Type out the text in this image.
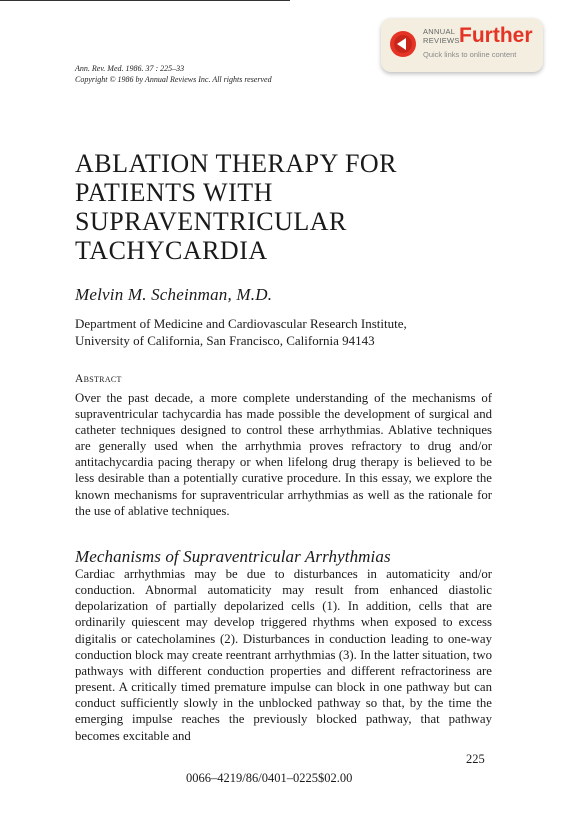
ANNUAL
REVIEWS Further
Quick links to online content
Ann. Rev. Med. 1986. 37 : 225–33
Copyright © 1986 by Annual Reviews Inc. All rights reserved
ABLATION THERAPY FOR
PATIENTS WITH
SUPRAVENTRICULAR
TACHYCARDIA
Melvin M. Scheinman, M.D.
Department of Medicine and Cardiovascular Research Institute,
University of California, San Francisco, California 94143
Abstract
Over the past decade, a more complete understanding of the mechanisms of supraventricular tachycardia has made possible the development of surgical and catheter techniques designed to control these arrhythmias. Ablative techniques are generally used when the arrhythmia proves refractory to drug and/or antitachycardia pacing therapy or when lifelong drug therapy is believed to be less desirable than a potentially curative procedure. In this essay, we explore the known mechanisms for supraventricular arrhythmias as well as the rationale for the use of ablative techniques.
Mechanisms of Supraventricular Arrhythmias
Cardiac arrhythmias may be due to disturbances in automaticity and/or conduction. Abnormal automaticity may result from enhanced diastolic depolarization of partially depolarized cells (1). In addition, cells that are ordinarily quiescent may develop triggered rhythms when exposed to excess digitalis or catecholamines (2). Disturbances in conduction leading to one-way conduction block may create reentrant arrhythmias (3). In the latter situation, two pathways with different conduction properties and different refractoriness are present. A critically timed premature impulse can block in one pathway but can conduct sufficiently slowly in the unblocked pathway so that, by the time the emerging impulse reaches the previously blocked pathway, that pathway becomes excitable and
225
0066–4219/86/0401–0225$02.00
